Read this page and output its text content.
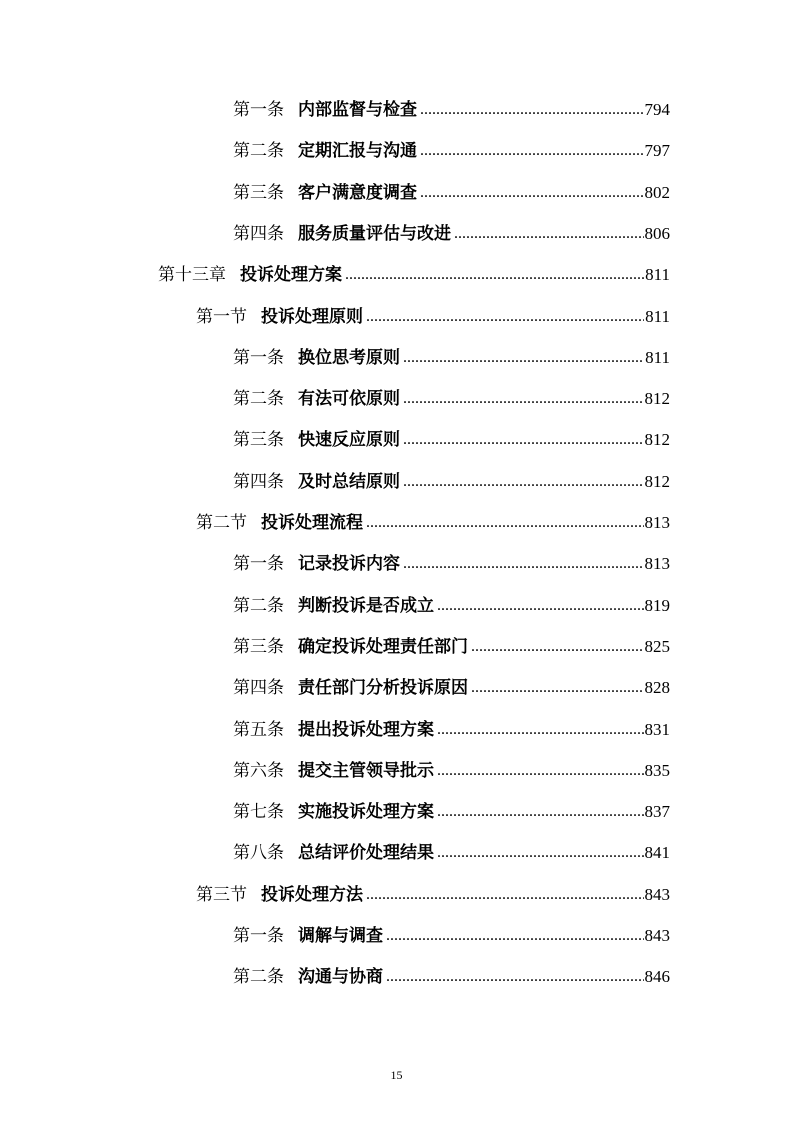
第一条 内部监督与检查 .....	794
第二条 定期汇报与沟通 .....	797
第三条 客户满意度调查 .....	802
第四条 服务质量评估与改进 .....	806
第十三章 投诉处理方案 .....	811
第一节 投诉处理原则 .....	811
第一条 换位思考原则 .....	811
第二条 有法可依原则 .....	812
第三条 快速反应原则 .....	812
第四条 及时总结原则 .....	812
第二节 投诉处理流程 .....	813
第一条 记录投诉内容 .....	813
第二条 判断投诉是否成立 .....	819
第三条 确定投诉处理责任部门 .....	825
第四条 责任部门分析投诉原因 .....	828
第五条 提出投诉处理方案 .....	831
第六条 提交主管领导批示 .....	835
第七条 实施投诉处理方案 .....	837
第八条 总结评价处理结果 .....	841
第三节 投诉处理方法 .....	843
第一条 调解与调查 .....	843
第二条 沟通与协商 .....	846
15
